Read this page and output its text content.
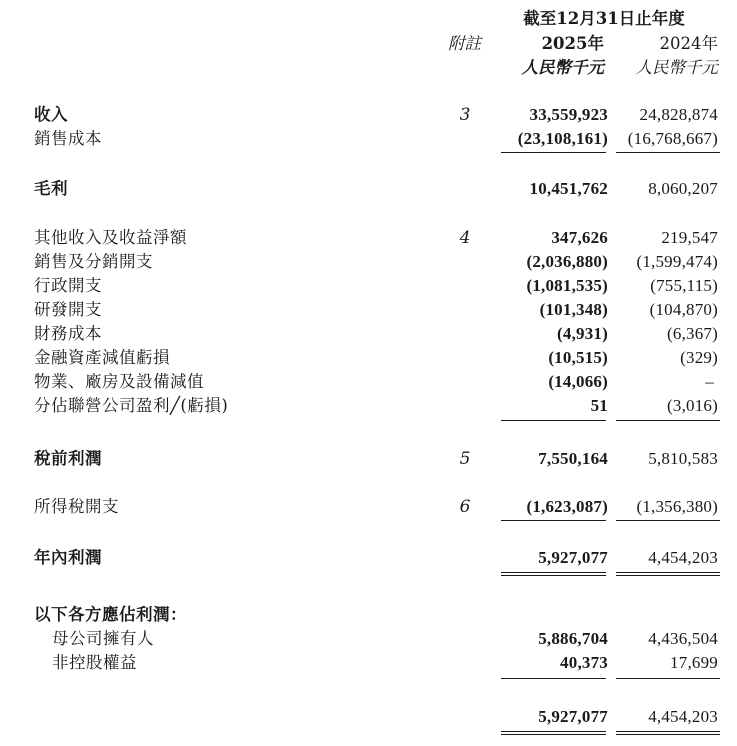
截至12月31日止年度
附註	2025年	2024年
人民幣千元	人民幣千元
收入	3	33,559,923	24,828,874
銷售成本	(23,108,161)	(16,768,667)
毛利	10,451,762	8,060,207
其他收入及收益淨額	4	347,626	219,547
銷售及分銷開支	(2,036,880)	(1,599,474)
行政開支	(1,081,535)	(755,115)
研發開支	(101,348)	(104,870)
財務成本	(4,931)	(6,367)
金融資產減值虧損	(10,515)	(329)
物業、廠房及設備減值	(14,066)	–
分佔聯營公司盈利╱(虧損)	51	(3,016)
稅前利潤	5	7,550,164	5,810,583
所得稅開支	6	(1,623,087)	(1,356,380)
年內利潤	5,927,077	4,454,203
以下各方應佔利潤：
母公司擁有人	5,886,704	4,436,504
非控股權益	40,373	17,699
5,927,077	4,454,203
